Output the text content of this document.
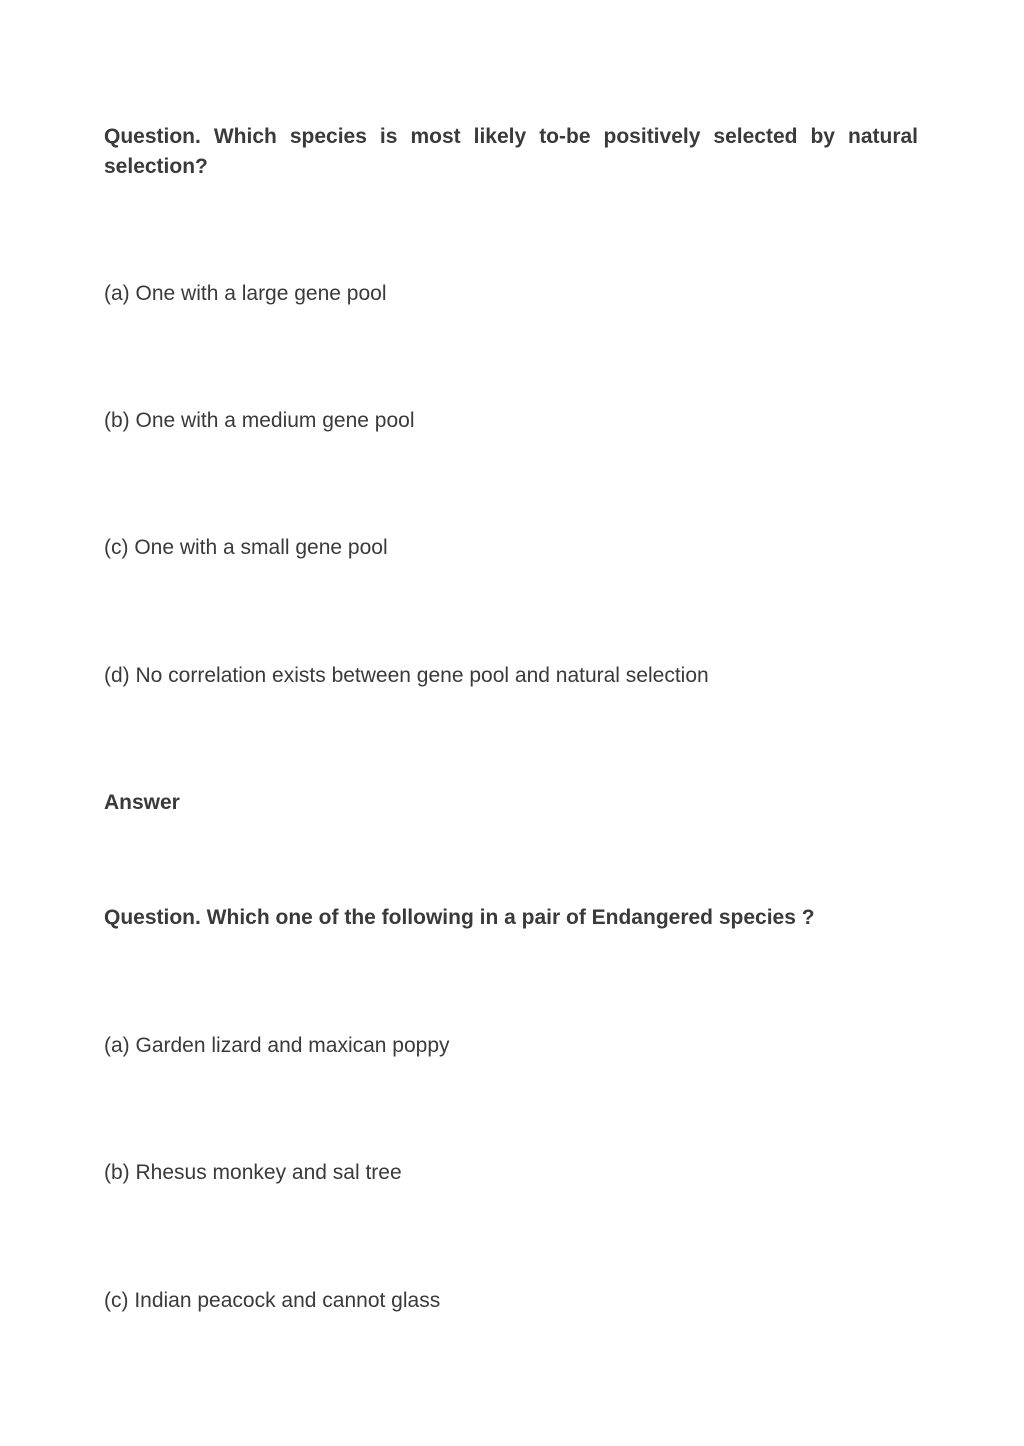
Question. Which species is most likely to-be positively selected by natural selection?

(a) One with a large gene pool

(b) One with a medium gene pool

(c) One with a small gene pool

(d) No correlation exists between gene pool and natural selection

Answer

Question. Which one of the following in a pair of Endangered species ?

(a) Garden lizard and maxican poppy

(b) Rhesus monkey and sal tree

(c) Indian peacock and cannot glass
